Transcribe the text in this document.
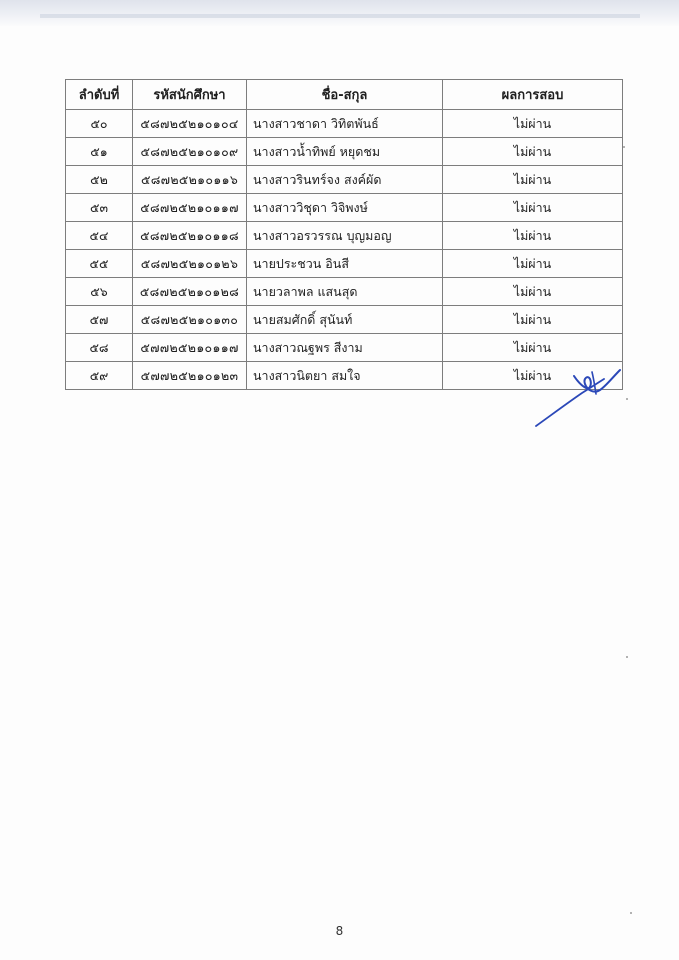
ลำดับที่	รหัสนักศึกษา	ชื่อ-สกุล	ผลการสอบ
๕๐	๕๘๗๒๕๒๑๐๑๐๔	นางสาวชาดา วิทิตพันธ์	ไม่ผ่าน
๕๑	๕๘๗๒๕๒๑๐๑๐๙	นางสาวน้ำทิพย์ หยุดชม	ไม่ผ่าน
๕๒	๕๘๗๒๕๒๑๐๑๑๖	นางสาวรินทร์จง สงค์ผัด	ไม่ผ่าน
๕๓	๕๘๗๒๕๒๑๐๑๑๗	นางสาววิชุดา วิจิพงษ์	ไม่ผ่าน
๕๔	๕๘๗๒๕๒๑๐๑๑๘	นางสาวอรวรรณ บุญมอญ	ไม่ผ่าน
๕๕	๕๘๗๒๕๒๑๐๑๒๖	นายประชวน อินสี	ไม่ผ่าน
๕๖	๕๘๗๒๕๒๑๐๑๒๘	นายวลาพล แสนสุด	ไม่ผ่าน
๕๗	๕๘๗๒๕๒๑๐๑๓๐	นายสมศักดิ์ สุนันท์	ไม่ผ่าน
๕๘	๕๗๗๒๕๒๑๐๑๑๗	นางสาวณฐพร สีงาม	ไม่ผ่าน
๕๙	๕๗๗๒๕๒๑๐๑๒๓	นางสาวนิตยา สมใจ	ไม่ผ่าน
8
